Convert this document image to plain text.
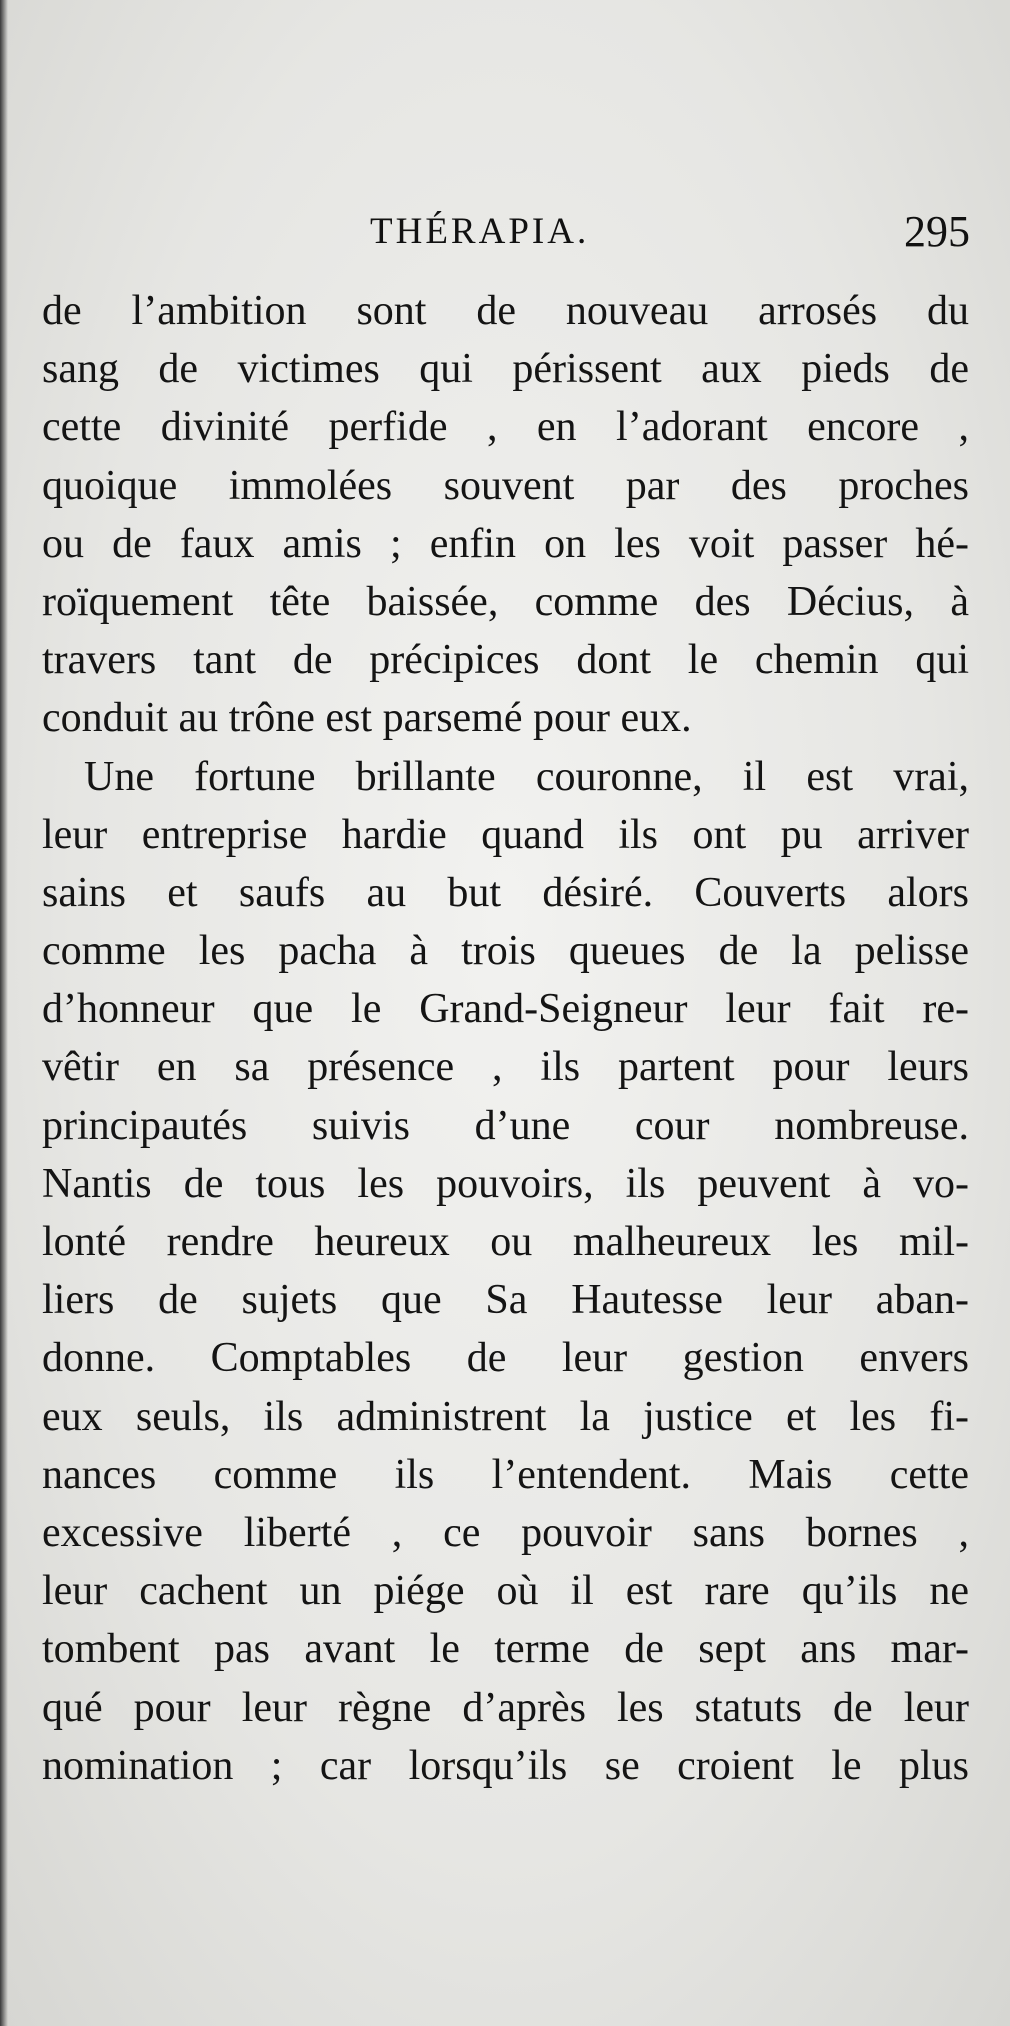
THÉRAPIA.	295
de l’ambition sont de nouveau arrosés du
sang de victimes qui périssent aux pieds de
cette divinité perfide , en l’adorant encore ,
quoique immolées souvent par des proches
ou de faux amis ; enfin on les voit passer hé-
roïquement tête baissée, comme des Décius, à
travers tant de précipices dont le chemin qui
conduit au trône est parsemé pour eux.
Une fortune brillante couronne, il est vrai,
leur entreprise hardie quand ils ont pu arriver
sains et saufs au but désiré. Couverts alors
comme les pacha à trois queues de la pelisse
d’honneur que le Grand-Seigneur leur fait re-
vêtir en sa présence , ils partent pour leurs
principautés suivis d’une cour nombreuse.
Nantis de tous les pouvoirs, ils peuvent à vo-
lonté rendre heureux ou malheureux les mil-
liers de sujets que Sa Hautesse leur aban-
donne. Comptables de leur gestion envers
eux seuls, ils administrent la justice et les fi-
nances comme ils l’entendent. Mais cette
excessive liberté , ce pouvoir sans bornes ,
leur cachent un piége où il est rare qu’ils ne
tombent pas avant le terme de sept ans mar-
qué pour leur règne d’après les statuts de leur
nomination ; car lorsqu’ils se croient le plus
